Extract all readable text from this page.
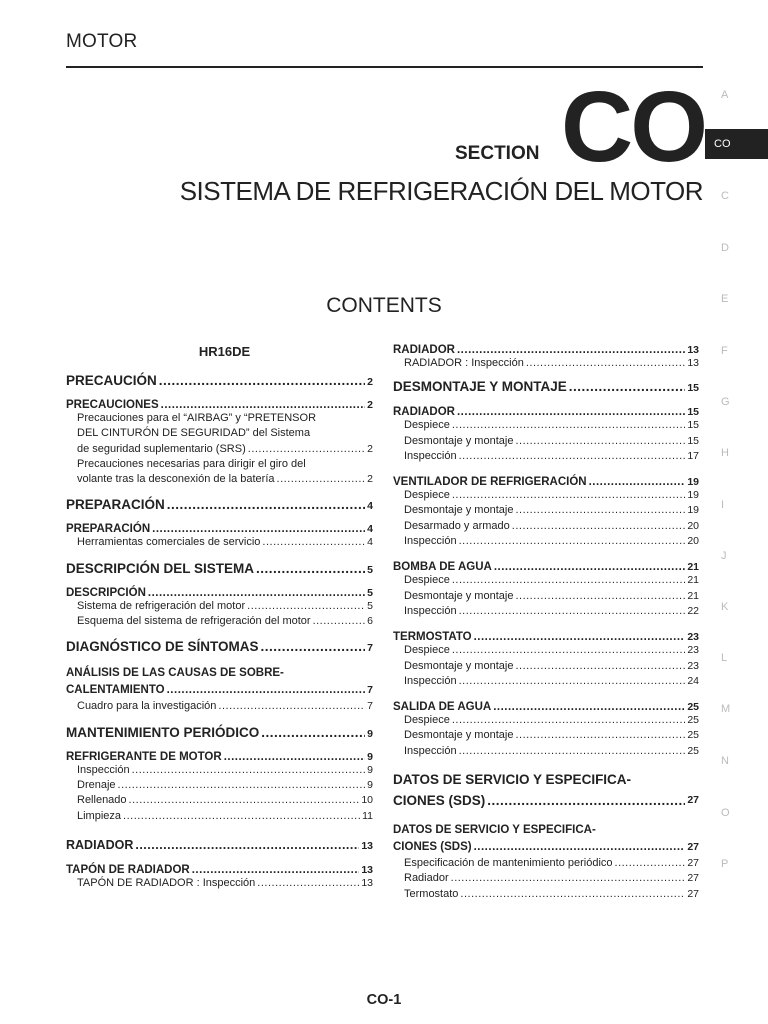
MOTOR
A
CO
C
D
E
F
G
H
I
J
K
L
M
N
O
P
SECTION CO
SISTEMA DE REFRIGERACIÓN DEL MOTOR
CONTENTS
HR16DE
PRECAUCIÓN .....	2
PRECAUCIONES .....	2
Precauciones para el “AIRBAG” y “PRETENSOR
DEL CINTURÓN DE SEGURIDAD” del Sistema
de seguridad suplementario (SRS) .....	2
Precauciones necesarias para dirigir el giro del
volante tras la desconexión de la batería .....	2
PREPARACIÓN .....	4
PREPARACIÓN .....	4
Herramientas comerciales de servicio .....	4
DESCRIPCIÓN DEL SISTEMA .....	5
DESCRIPCIÓN .....	5
Sistema de refrigeración del motor .....	5
Esquema del sistema de refrigeración del motor .....	6
DIAGNÓSTICO DE SÍNTOMAS .....	7
ANÁLISIS DE LAS CAUSAS DE SOBRE-
CALENTAMIENTO .....	7
Cuadro para la investigación .....	7
MANTENIMIENTO PERIÓDICO .....	9
REFRIGERANTE DE MOTOR .....	9
Inspección .....	9
Drenaje .....	9
Rellenado .....	10
Limpieza .....	11
RADIADOR .....	13
TAPÓN DE RADIADOR .....	13
TAPÓN DE RADIADOR : Inspección .....	13
RADIADOR .....	13
RADIADOR : Inspección .....	13
DESMONTAJE Y MONTAJE .....	15
RADIADOR .....	15
Despiece .....	15
Desmontaje y montaje .....	15
Inspección .....	17
VENTILADOR DE REFRIGERACIÓN .....	19
Despiece .....	19
Desmontaje y montaje .....	19
Desarmado y armado .....	20
Inspección .....	20
BOMBA DE AGUA .....	21
Despiece .....	21
Desmontaje y montaje .....	21
Inspección .....	22
TERMOSTATO .....	23
Despiece .....	23
Desmontaje y montaje .....	23
Inspección .....	24
SALIDA DE AGUA .....	25
Despiece .....	25
Desmontaje y montaje .....	25
Inspección .....	25
DATOS DE SERVICIO Y ESPECIFICA-
CIONES (SDS) .....	27
DATOS DE SERVICIO Y ESPECIFICA-
CIONES (SDS) .....	27
Especificación de mantenimiento periódico .....	27
Radiador .....	27
Termostato .....	27
CO-1
